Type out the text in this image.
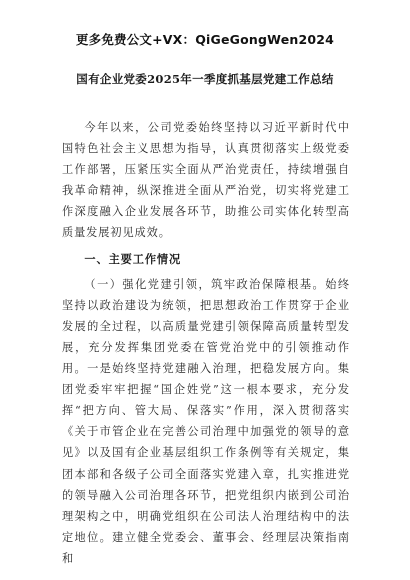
更多免费公文+VX：QiGeGongWen2024
国有企业党委2025年一季度抓基层党建工作总结

今年以来，公司党委始终坚持以习近平新时代中国特色社会主义思想为指导，认真贯彻落实上级党委工作部署，压紧压实全面从严治党责任，持续增强自我革命精神，纵深推进全面从严治党，切实将党建工作深度融入企业发展各环节，助推公司实体化转型高质量发展初见成效。

一、主要工作情况

（一）强化党建引领，筑牢政治保障根基。始终坚持以政治建设为统领，把思想政治工作贯穿于企业发展的全过程，以高质量党建引领保障高质量转型发展，充分发挥集团党委在管党治党中的引领推动作用。一是始终坚持党建融入治理，把稳发展方向。集团党委牢牢把握“国企姓党”这一根本要求，充分发挥“把方向、管大局、保落实”作用，深入贯彻落实《关于市管企业在完善公司治理中加强党的领导的意见》以及国有企业基层组织工作条例等有关规定，集团本部和各级子公司全面落实党建入章，扎实推进党的领导融入公司治理各环节，把党组织内嵌到公司治理架构之中，明确党组织在公司法人治理结构中的法定地位。建立健全党委会、董事会、经理层决策指南和
